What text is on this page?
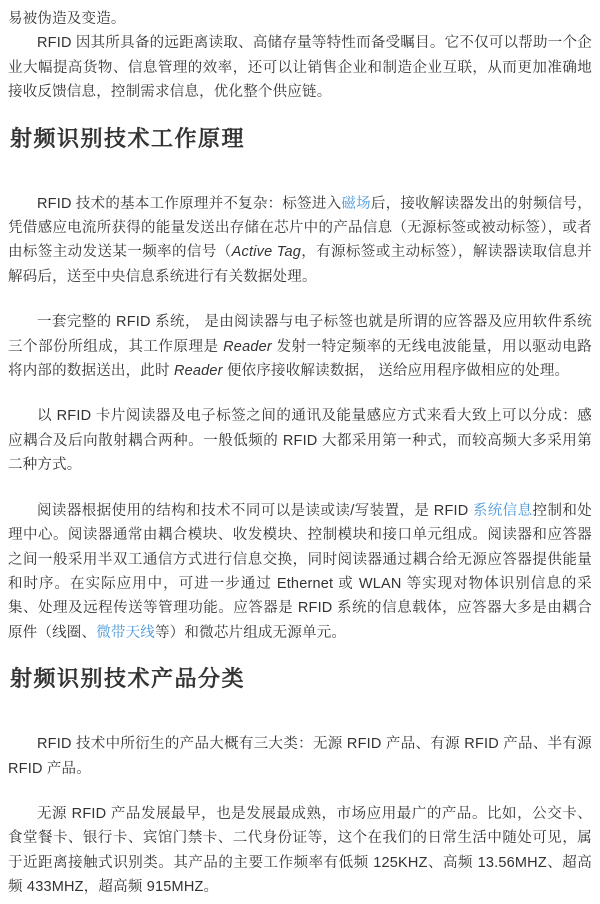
易被伪造及变造。

RFID 因其所具备的远距离读取、高储存量等特性而备受瞩目。它不仅可以帮助一个企业大幅提高货物、信息管理的效率，还可以让销售企业和制造企业互联，从而更加准确地接收反馈信息，控制需求信息，优化整个供应链。

射频识别技术工作原理

RFID 技术的基本工作原理并不复杂：标签进入磁场后，接收解读器发出的射频信号，凭借感应电流所获得的能量发送出存储在芯片中的产品信息（无源标签或被动标签），或者由标签主动发送某一频率的信号（Active Tag，有源标签或主动标签），解读器读取信息并解码后，送至中央信息系统进行有关数据处理。

一套完整的 RFID 系统， 是由阅读器与电子标签也就是所谓的应答器及应用软件系统三个部份所组成，其工作原理是 Reader 发射一特定频率的无线电波能量，用以驱动电路将内部的数据送出，此时 Reader 便依序接收解读数据， 送给应用程序做相应的处理。

以 RFID 卡片阅读器及电子标签之间的通讯及能量感应方式来看大致上可以分成：感应耦合及后向散射耦合两种。一般低频的 RFID 大都采用第一种式，而较高频大多采用第二种方式。

阅读器根据使用的结构和技术不同可以是读或读/写装置，是 RFID 系统信息控制和处理中心。阅读器通常由耦合模块、收发模块、控制模块和接口单元组成。阅读器和应答器之间一般采用半双工通信方式进行信息交换，同时阅读器通过耦合给无源应答器提供能量和时序。在实际应用中，可进一步通过 Ethernet 或 WLAN 等实现对物体识别信息的采集、处理及远程传送等管理功能。应答器是 RFID 系统的信息载体，应答器大多是由耦合原件（线圈、微带天线等）和微芯片组成无源单元。

射频识别技术产品分类

RFID 技术中所衍生的产品大概有三大类：无源 RFID 产品、有源 RFID 产品、半有源 RFID 产品。

无源 RFID 产品发展最早，也是发展最成熟，市场应用最广的产品。比如，公交卡、食堂餐卡、银行卡、宾馆门禁卡、二代身份证等，这个在我们的日常生活中随处可见，属于近距离接触式识别类。其产品的主要工作频率有低频 125KHZ、高频 13.56MHZ、超高频 433MHZ，超高频 915MHZ。
